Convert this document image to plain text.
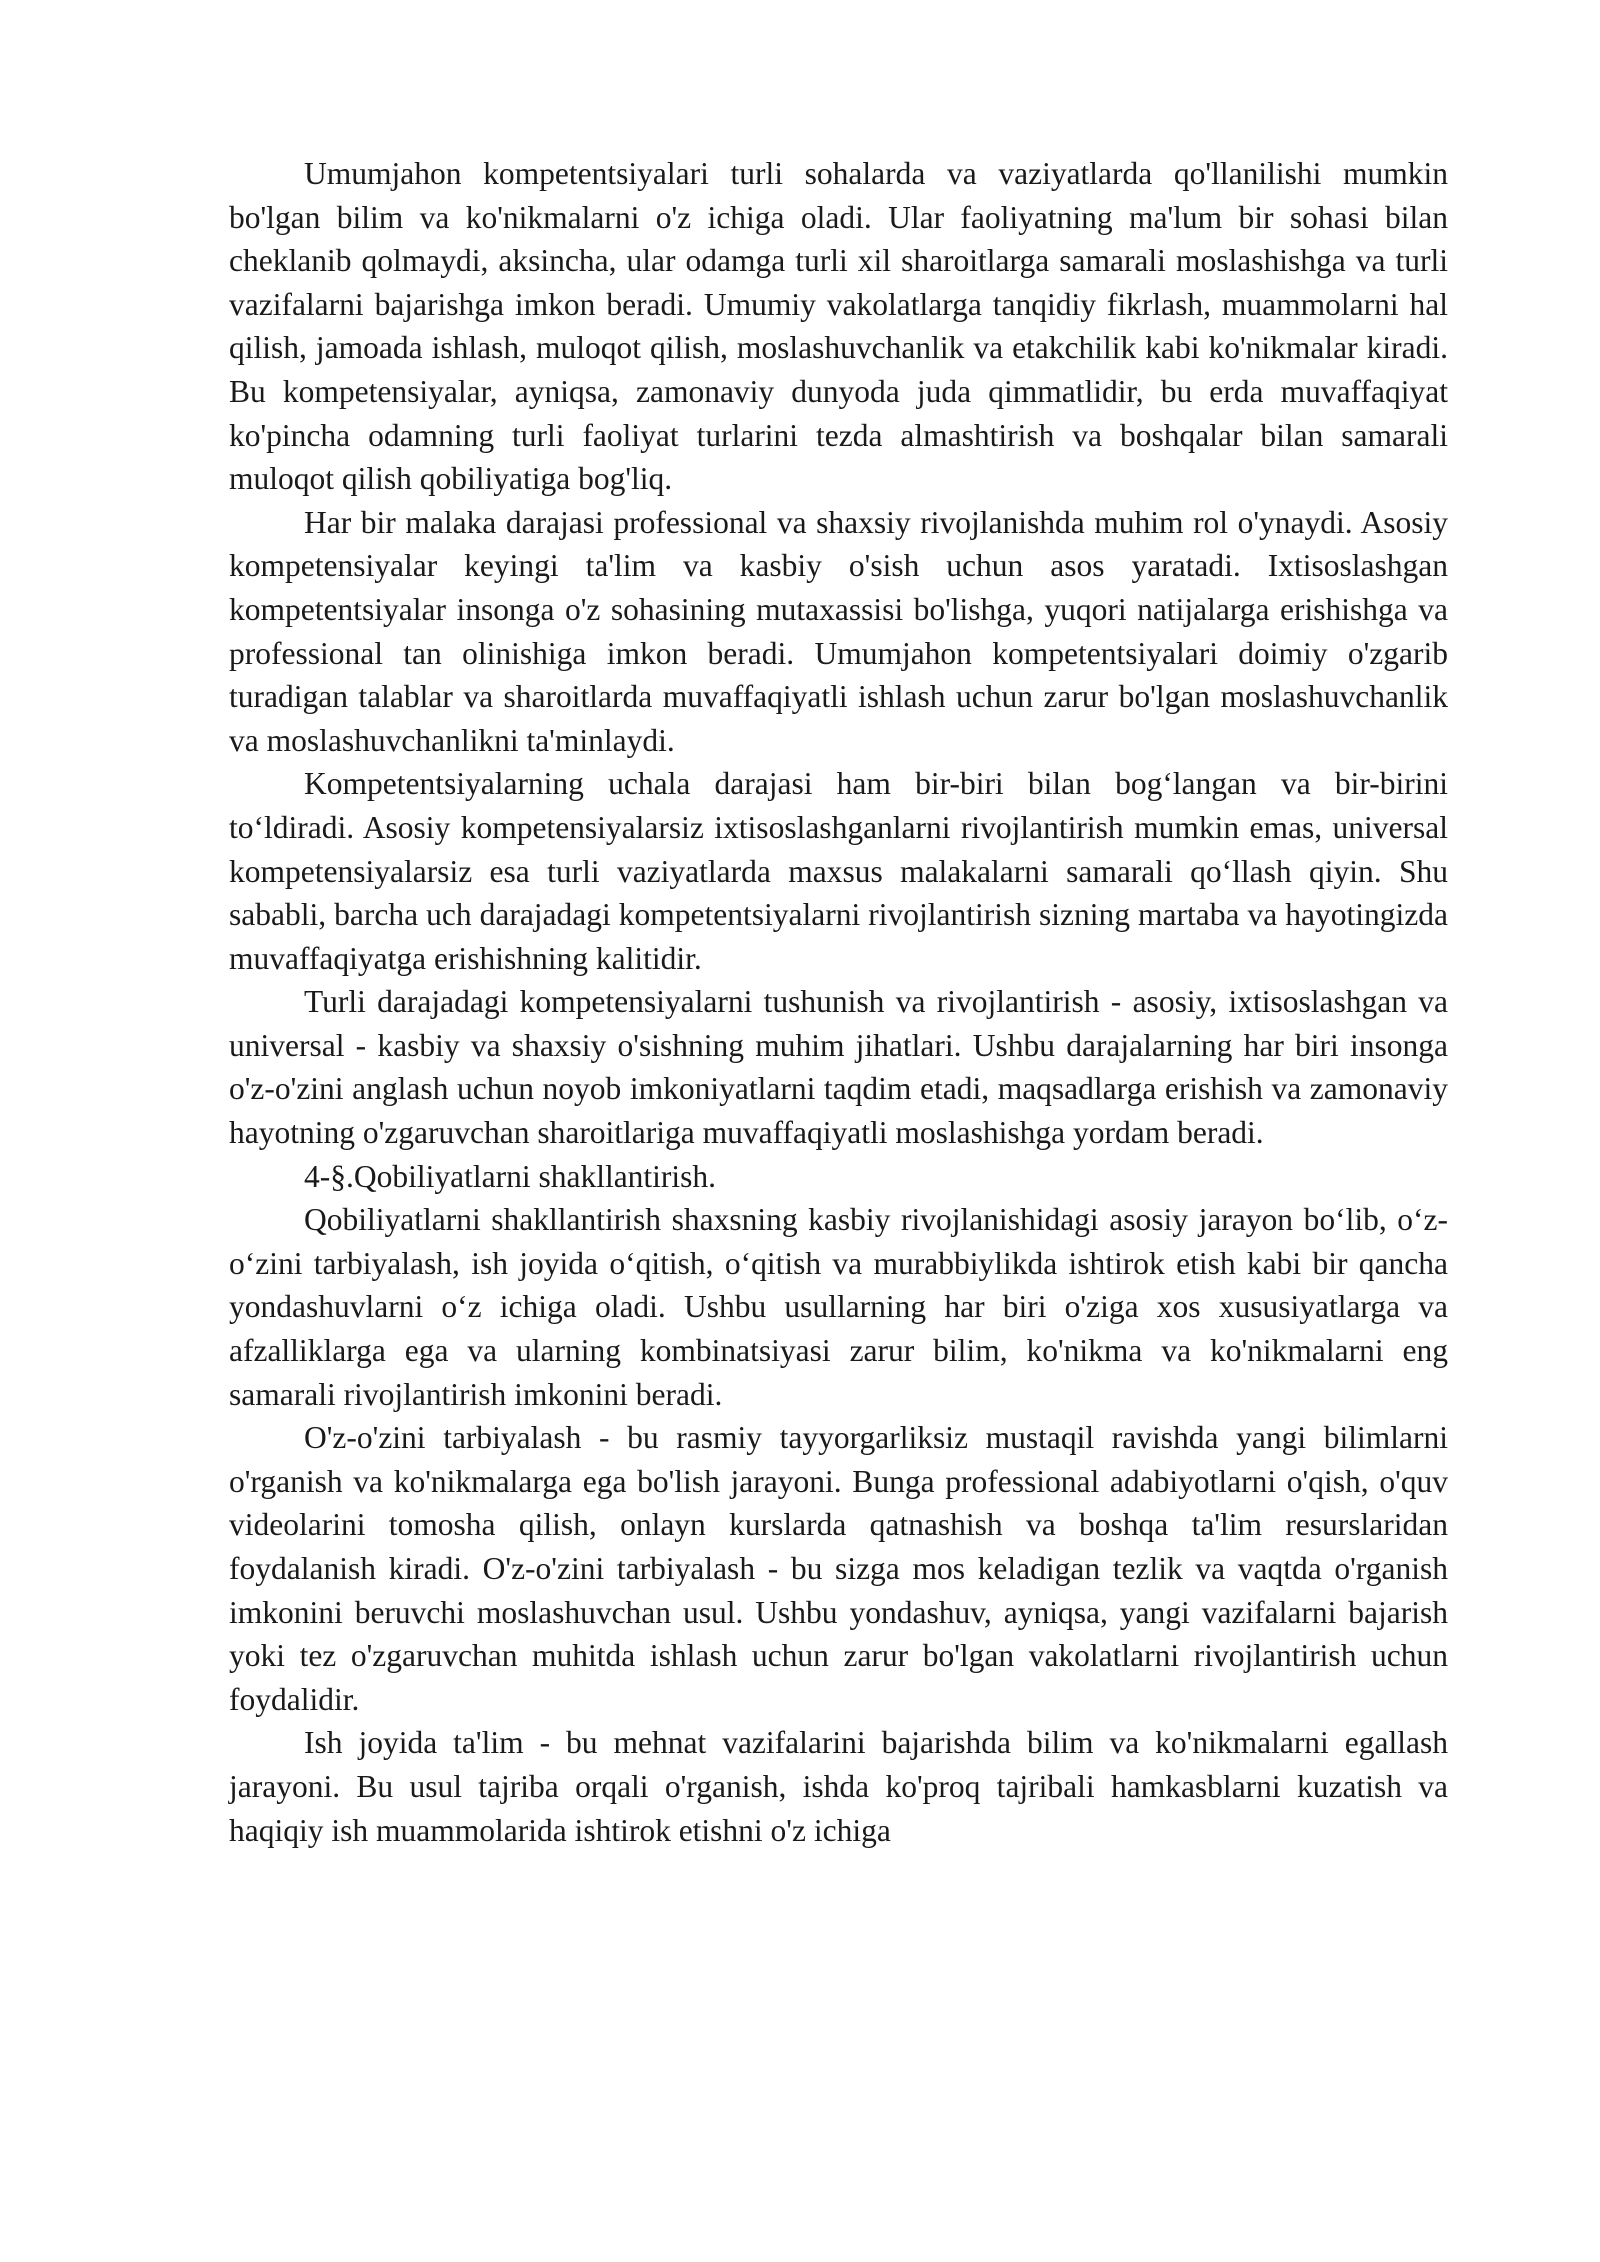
Umumjahon kompetentsiyalari turli sohalarda va vaziyatlarda qo'llanilishi mumkin bo'lgan bilim va ko'nikmalarni o'z ichiga oladi. Ular faoliyatning ma'lum bir sohasi bilan cheklanib qolmaydi, aksincha, ular odamga turli xil sharoitlarga samarali moslashishga va turli vazifalarni bajarishga imkon beradi. Umumiy vakolatlarga tanqidiy fikrlash, muammolarni hal qilish, jamoada ishlash, muloqot qilish, moslashuvchanlik va etakchilik kabi ko'nikmalar kiradi. Bu kompetensiyalar, ayniqsa, zamonaviy dunyoda juda qimmatlidir, bu erda muvaffaqiyat ko'pincha odamning turli faoliyat turlarini tezda almashtirish va boshqalar bilan samarali muloqot qilish qobiliyatiga bog'liq.

Har bir malaka darajasi professional va shaxsiy rivojlanishda muhim rol o'ynaydi. Asosiy kompetensiyalar keyingi ta'lim va kasbiy o'sish uchun asos yaratadi. Ixtisoslashgan kompetentsiyalar insonga o'z sohasining mutaxassisi bo'lishga, yuqori natijalarga erishishga va professional tan olinishiga imkon beradi. Umumjahon kompetentsiyalari doimiy o'zgarib turadigan talablar va sharoitlarda muvaffaqiyatli ishlash uchun zarur bo'lgan moslashuvchanlik va moslashuvchanlikni ta'minlaydi.

Kompetentsiyalarning uchala darajasi ham bir-biri bilan bog‘langan va bir-birini to‘ldiradi. Asosiy kompetensiyalarsiz ixtisoslashganlarni rivojlantirish mumkin emas, universal kompetensiyalarsiz esa turli vaziyatlarda maxsus malakalarni samarali qo‘llash qiyin. Shu sababli, barcha uch darajadagi kompetentsiyalarni rivojlantirish sizning martaba va hayotingizda muvaffaqiyatga erishishning kalitidir.

Turli darajadagi kompetensiyalarni tushunish va rivojlantirish - asosiy, ixtisoslashgan va universal - kasbiy va shaxsiy o'sishning muhim jihatlari. Ushbu darajalarning har biri insonga o'z-o'zini anglash uchun noyob imkoniyatlarni taqdim etadi, maqsadlarga erishish va zamonaviy hayotning o'zgaruvchan sharoitlariga muvaffaqiyatli moslashishga yordam beradi.

4-§.Qobiliyatlarni shakllantirish.

Qobiliyatlarni shakllantirish shaxsning kasbiy rivojlanishidagi asosiy jarayon bo‘lib, o‘z-o‘zini tarbiyalash, ish joyida o‘qitish, o‘qitish va murabbiylikda ishtirok etish kabi bir qancha yondashuvlarni o‘z ichiga oladi. Ushbu usullarning har biri o'ziga xos xususiyatlarga va afzalliklarga ega va ularning kombinatsiyasi zarur bilim, ko'nikma va ko'nikmalarni eng samarali rivojlantirish imkonini beradi.

O'z-o'zini tarbiyalash - bu rasmiy tayyorgarliksiz mustaqil ravishda yangi bilimlarni o'rganish va ko'nikmalarga ega bo'lish jarayoni. Bunga professional adabiyotlarni o'qish, o'quv videolarini tomosha qilish, onlayn kurslarda qatnashish va boshqa ta'lim resurslaridan foydalanish kiradi. O'z-o'zini tarbiyalash - bu sizga mos keladigan tezlik va vaqtda o'rganish imkonini beruvchi moslashuvchan usul. Ushbu yondashuv, ayniqsa, yangi vazifalarni bajarish yoki tez o'zgaruvchan muhitda ishlash uchun zarur bo'lgan vakolatlarni rivojlantirish uchun foydalidir.

Ish joyida ta'lim - bu mehnat vazifalarini bajarishda bilim va ko'nikmalarni egallash jarayoni. Bu usul tajriba orqali o'rganish, ishda ko'proq tajribali hamkasblarni kuzatish va haqiqiy ish muammolarida ishtirok etishni o'z ichiga
